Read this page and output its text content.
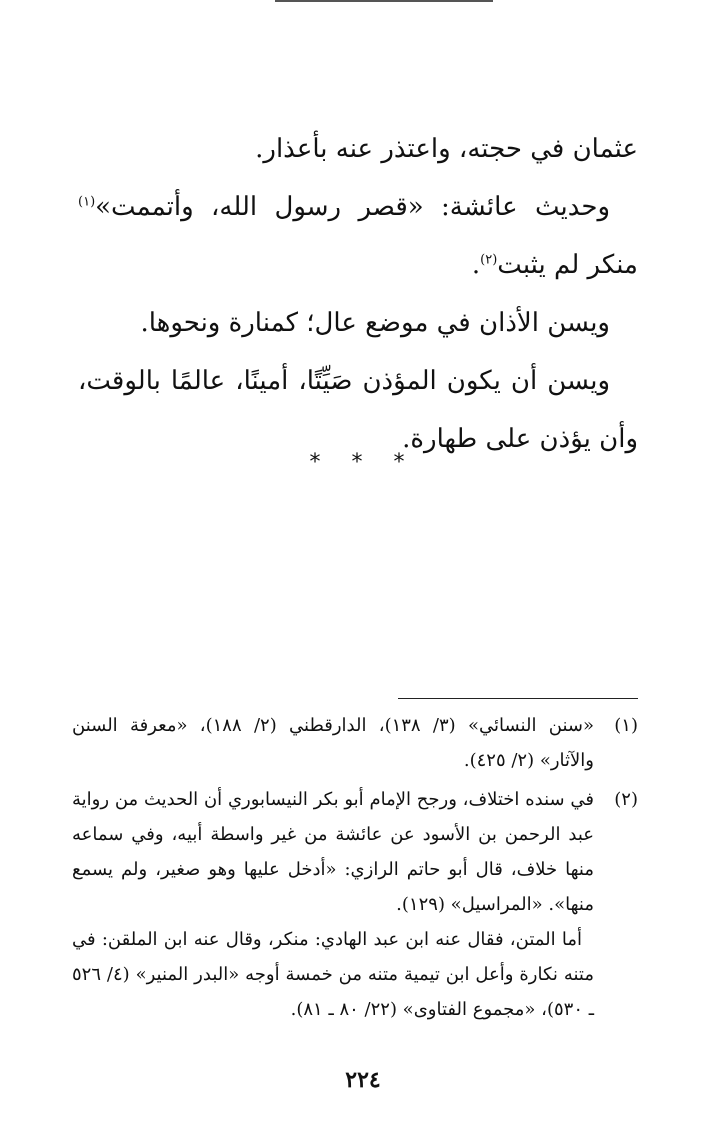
عثمان في حجته، واعتذر عنه بأعذار.

وحديث عائشة: «قصر رسول الله، وأتممت»$^{(١)}$ منكر لم يثبت$^{(٢)}$.

ويسن الأذان في موضع عال؛ كمنارة ونحوها.

ويسن أن يكون المؤذن صَيِّتًا، أمينًا، عالمًا بالوقت، وأن يؤذن على طهارة.

* * *
(١)

«سنن النسائي» (٣/ ١٣٨)، الدارقطني (٢/ ١٨٨)، «معرفة السنن والآثار» (٢/ ٤٢٥).

(٢)

في سنده اختلاف، ورجح الإمام أبو بكر النيسابوري أن الحديث من رواية عبد الرحمن بن الأسود عن عائشة من غير واسطة أبيه، وفي سماعه منها خلاف، قال أبو حاتم الرازي: «أدخل عليها وهو صغير، ولم يسمع منها». «المراسيل» (١٢٩).

أما المتن، فقال عنه ابن عبد الهادي: منكر، وقال عنه ابن الملقن: في متنه نكارة وأعل ابن تيمية متنه من خمسة أوجه «البدر المنير» (٤/ ٥٢٦ ـ ٥٣٠)، «مجموع الفتاوى» (٢٢/ ٨٠ ـ ٨١).

٢٢٤
